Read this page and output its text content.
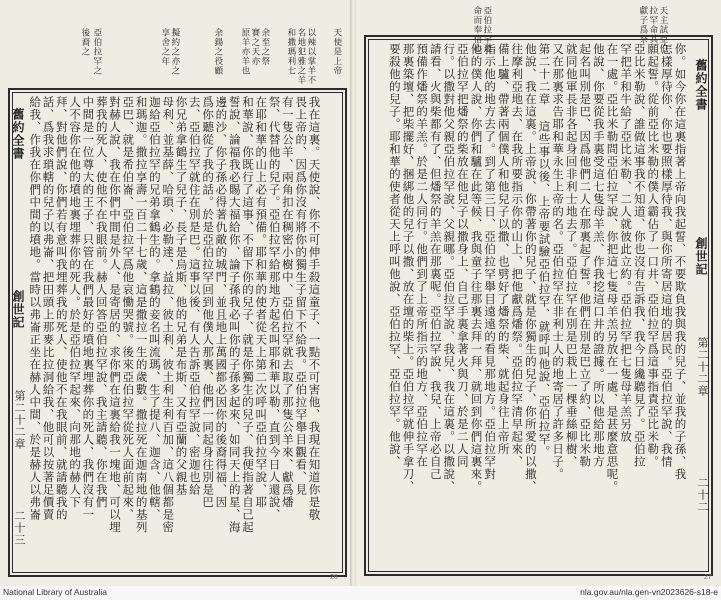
天使是上帝
以辣以掌羊不
名地犯雅之羊
和撒瑪利七
余至之祭
賽之天亦
原羊亦羊也
余鍚之役顧
擬約之亦之
享舍之年
亞伯拉罕之
後裔之
舊約全書
創世記
第二十二章
二十三
我在這裏。天使說、你不可伸手殺這童子、一點不可害他、我現在知道你是敬
畏上帝的、因爲你沒有將你的獨生子留下不給我。亞伯拉罕舉目觀看、見
有一隻公羊、兩角扣在稠密小樹中、亞伯拉罕就去取了那隻公羊來、獻爲燔
祭、代替他的兒子。亞伯拉罕給那地方起名叫耶和華以勒、直到今日人還說、
在耶和華的山上必有預備。耶和華的使者從天上第二次呼叫亞伯拉罕說、耶
和華說、你既行了這事、不留下你的兒子、就是你獨生的兒子、我便指著自己起
誓說、論福我必賜大福給你、論子孫我必叫你的子孫多起來、如同天上的星、海
邊的沙、你子孫必得著仇敵的城門、並且地上萬國都必因你的後裔得福、因
爲你聽從了我的話。於是亞伯拉罕回到他僕人那裏、他們一同起身往別是巴
去、亞伯拉罕就住在別是巴。這事以後、有人告訴亞伯拉罕說、密迦也給
你兄弟拿鶴生了兒子、長子是烏斯、他的兄弟是布斯、又有亞蘭的父親基
母利、並基薛、哈瑣、必勒達、益拉、彼土利、彼土利生利百加、這八個都是密
迦給亞伯拉罕的兄弟拿鶴生的。拿鶴的妾名叫流瑪、生了提八、迦含、他轄、
和瑪迦。撒拉享壽一百二十七歲、這是撒拉一生的歲數。撒拉死在迦南地的基列
亞巴、就是希伯崙、亞伯拉罕爲他哀慟哭號。後來亞伯拉罕從死人面前起來、
對赫人說、我在你們中間是外人、是寄居的、求你們在這裏給我一塊地、可以埋
葬我的死人、使他不在我眼前。赫人回答亞伯拉罕說、我主請聽、你在我們
中間是一位尊大的王子、只管在我們最好的墳地裏埋葬你的死人、我們沒有一
人不容你在他的墳地裏埋葬你的死人。於是亞伯拉罕起來、向那地的赫人下
拜、對他們說、你們若有意叫我埋葬我的死人、使他不在我眼前、就請聽我的
話、爲我求瑣轄的兒子以弗崙、把田頭上那麥比拉洞給我、他可以按著足價賣
給我、作我在你們中間的墳地。當時以弗崙正坐在赫人中間、於是赫人以弗崙
26
天主試亞伯
拉罕命其
獻子爲祭
亞伯拉罕遵
命而奉信心
舊約全書
創世記
第二十二章
二十二
你。如今你在這裏指著上帝向我起誓、不要欺負我與我的兒子、並我的子孫、我
怎樣厚待你、你也要照樣厚待我、與你所寄居這地的居民。亞伯拉罕說、我情
願起誓。從前亞比米勒的僕人霸佔了一口井、亞伯拉罕爲這事指責亞比米勒。
亞比米勒說、誰做這事我不知道、你也沒有告訴我、我今日纔聽見了。亞伯拉
罕把羊和牛給了亞比米勒、二人就彼此立約。亞伯拉罕把七隻母羊羔另放
在一處。亞比米勒問亞伯拉罕說、你把這七隻母羊羔另放在一處、是甚麼意思呢。
他說、你要從我手裏受這七隻母羊羔、作我挖這口井的證據。所以他給那地方
起名叫別是巴、因爲他們二人在那裏起了誓。他們在別是巴立了約、亞比米勒
就同他軍長非各起身回非利士地去了。亞伯拉罕在別是巴栽上一棵垂絲柳樹、
又在那裏求告耶和華永生上帝的名。亞伯拉罕在非利士人的地寄居了許多日子。
第二十二章 這些事以後、上帝要試驗亞伯拉罕、就呼叫他說、亞伯拉罕。
他說、我在這裏。上帝說、你帶著你的兒子、就是你獨生的兒子、你所愛的以撒、
往摩利亞地去、在我所要指示你的山上、把他獻爲燔祭。亞伯拉罕清早起來、
備上驢、帶著兩個僕人和他兒子以撒、也劈好了燔祭的柴、就起身往上帝所
指示他的地方去了。到了第三日、亞伯拉罕舉目遠遠的看見那地方。亞伯拉罕對
他的僕人說、你們和驢在此等候、我與童子往那裏去拜一拜、就回到你們這裏來。
亞伯拉罕把燔祭的柴放在他兒子以撒身上、自己手裏拿著火與刀、於是二人同
行。以撒對他父親亞伯拉罕說、父親哪。亞伯拉罕說、我兒、我在這裏。以撒說、
請看、火與柴都有了、但燔祭的羊羔在那裏呢。亞伯拉罕說、我兒、上帝必自己
預備作燔祭的羊羔。於是二人同行。他們到了上帝所指示的地方、亞伯拉罕在
那裏築壇、把柴擺好、捆綁他的兒子以撒、放在壇的柴上。亞伯拉罕就伸手拿刀、
要殺他的兒子。耶和華的使者從天上呼叫他說、亞伯拉罕、亞伯拉罕。他說、
27
National Library of Australia	nla.gov.au/nla.gen-vn2023626-s18-e
